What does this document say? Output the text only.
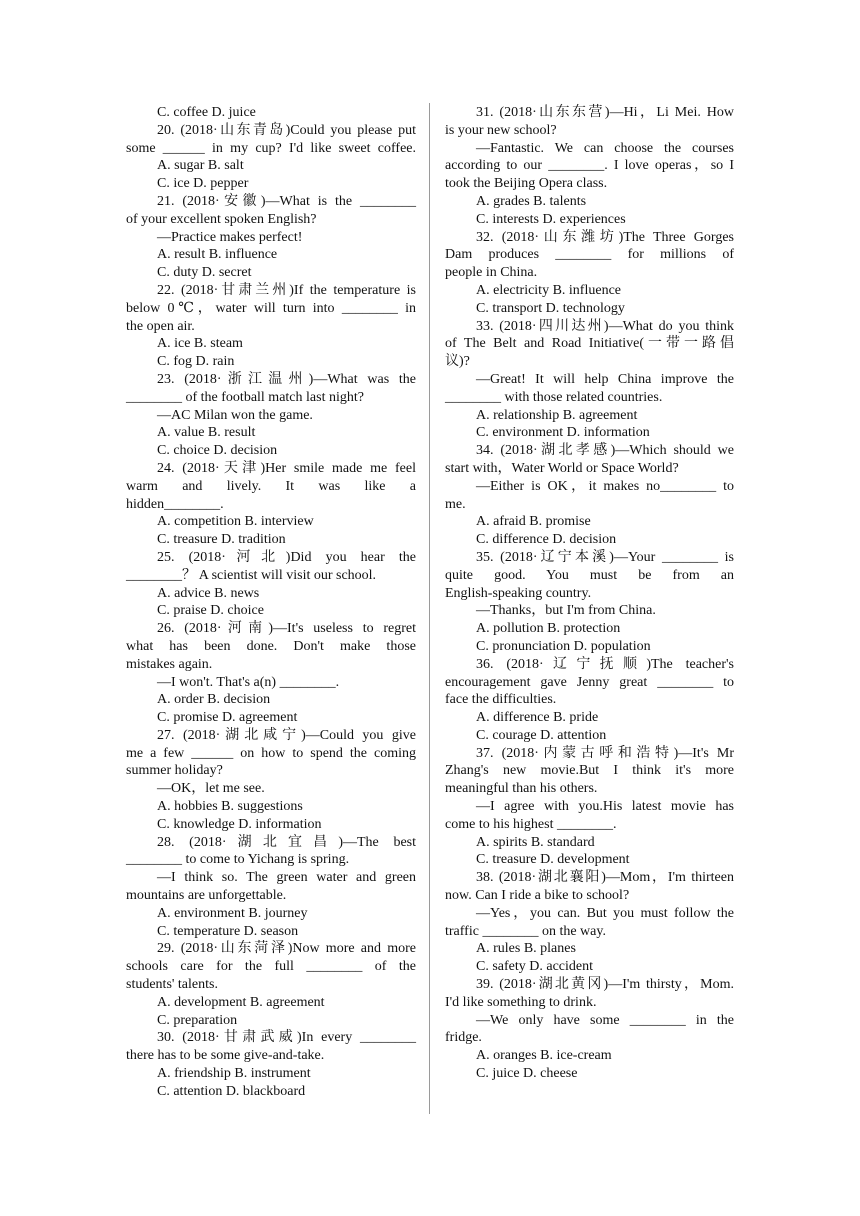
C. coffee D. juice
20. (2018·山东青岛)Could you please put
some ______ in my cup? I'd like sweet coffee.
A. sugar B. salt
C. ice D. pepper
21. (2018·安徽)—What is the ________
of your excellent spoken English?
—Practice makes perfect!
A. result B. influence
C. duty D. secret
22. (2018·甘肃兰州)If the temperature is
below 0℃，water will turn into ________ in
the open air.
A. ice B. steam
C. fog D. rain
23. (2018·浙江温州)—What was the
________ of the football match last night?
—AC Milan won the game.
A. value B. result
C. choice D. decision
24. (2018·天津)Her smile made me feel
warm and lively. It was like a
hidden________.
A. competition B. interview
C. treasure D. tradition
25. (2018·河北)Did you hear the
________？ A scientist will visit our school.
A. advice B. news
C. praise D. choice
26. (2018·河南)—It's useless to regret
what has been done. Don't make those
mistakes again.
—I won't. That's a(n) ________.
A. order B. decision
C. promise D. agreement
27. (2018·湖北咸宁)—Could you give
me a few ______ on how to spend the coming
summer holiday?
—OK，let me see.
A. hobbies B. suggestions
C. knowledge D. information
28. (2018·湖北宜昌)—The best
________ to come to Yichang is spring.
—I think so. The green water and green
mountains are unforgettable.
A. environment B. journey
C. temperature D. season
29. (2018·山东菏泽)Now more and more
schools care for the full ________ of the
students' talents.
A. development B. agreement
C. preparation
30. (2018·甘肃武威)In every ________
there has to be some give-and-take.
A. friendship B. instrument
C. attention D. blackboard
31. (2018·山东东营)—Hi，Li Mei. How
is your new school?
—Fantastic. We can choose the courses
according to our ________. I love operas，so I
took the Beijing Opera class.
A. grades B. talents
C. interests D. experiences
32. (2018·山东潍坊)The Three Gorges
Dam produces ________ for millions of
people in China.
A. electricity B. influence
C. transport D. technology
33. (2018·四川达州)—What do you think
of The Belt and Road Initiative(一带一路倡
议)?
—Great! It will help China improve the
________ with those related countries.
A. relationship B. agreement
C. environment D. information
34. (2018·湖北孝感)—Which should we
start with，Water World or Space World?
—Either is OK，it makes no________ to
me.
A. afraid B. promise
C. difference D. decision
35. (2018·辽宁本溪)—Your ________ is
quite good. You must be from an
English-speaking country.
—Thanks，but I'm from China.
A. pollution B. protection
C. pronunciation D. population
36. (2018·辽宁抚顺)The teacher's
encouragement gave Jenny great ________ to
face the difficulties.
A. difference B. pride
C. courage D. attention
37. (2018·内蒙古呼和浩特)—It's Mr
Zhang's new movie.But I think it's more
meaningful than his others.
—I agree with you.His latest movie has
come to his highest ________.
A. spirits B. standard
C. treasure D. development
38. (2018·湖北襄阳)—Mom，I'm thirteen
now. Can I ride a bike to school?
—Yes，you can. But you must follow the
traffic ________ on the way.
A. rules B. planes
C. safety D. accident
39. (2018·湖北黄冈)—I'm thirsty，Mom.
I'd like something to drink.
—We only have some ________ in the
fridge.
A. oranges B. ice-cream
C. juice D. cheese
